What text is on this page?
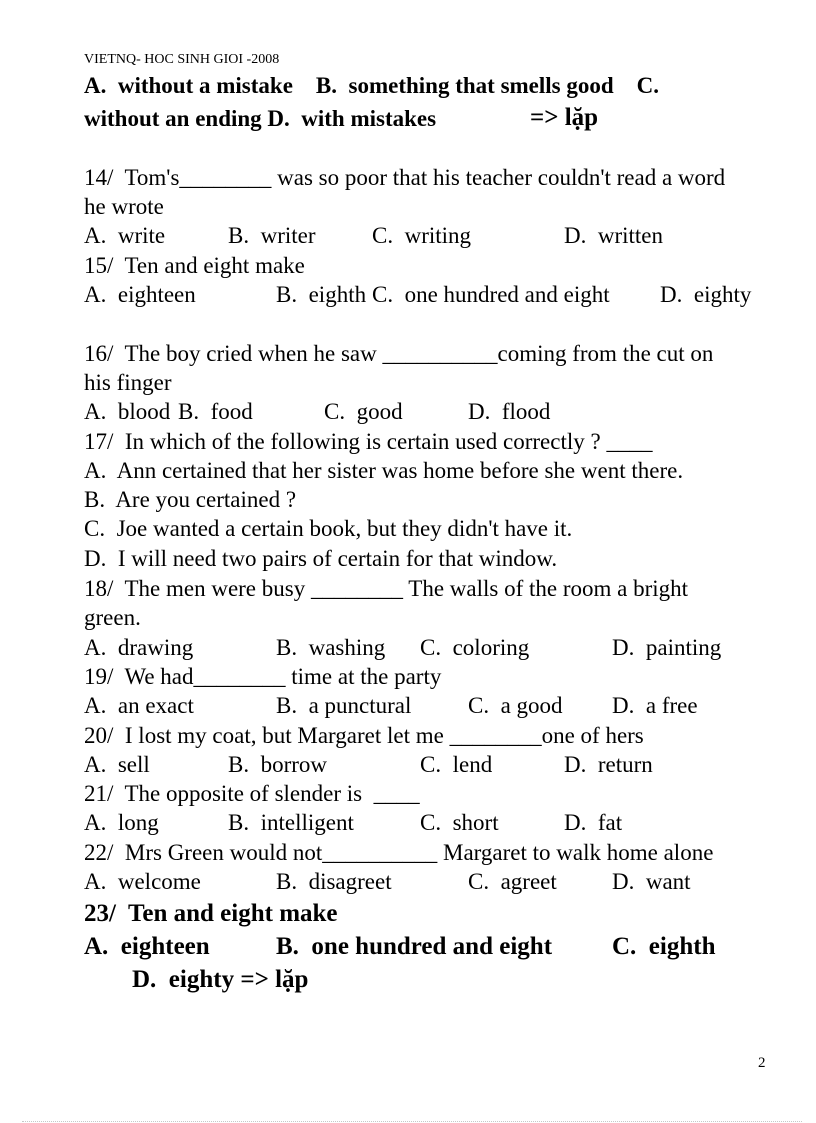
VIETNQ- HOC SINH GIOI -2008
A.  without a mistake    B.  something that smells good    C.
without an ending D.  with mistakes	=> lặp
14/  Tom's________ was so poor that his teacher couldn't read a word
he wrote
A.  write	B.  writer C.  writing	D.  written
15/  Ten and eight make
A.  eighteen	B.  eighth C.  one hundred and eight D.  eighty
16/  The boy cried when he saw __________coming from the cut on
his finger
A.  blood B.  food	C.  good	D.  flood
17/  In which of the following is certain used correctly ? ____
A.  Ann certained that her sister was home before she went there.
B.  Are you certained ?
C.  Joe wanted a certain book, but they didn't have it.
D.  I will need two pairs of certain for that window.
18/  The men were busy ________ The walls of the room a bright
green.
A.  drawing	B.  washing C.  coloring	D.  painting
19/  We had________ time at the party
A.  an exact	B.  a punctural C.  a good D.  a free
20/  I lost my coat, but Margaret let me ________one of hers
A.  sell	B.  borrow	C.  lend	D.  return
21/  The opposite of slender is  ____
A.  long	B.  intelligent	C.  short	D.  fat
22/  Mrs Green would not__________ Margaret to walk home alone
A.  welcome	B.  disagreet	C.  agreet D.  want
23/  Ten and eight make
A.  eighteen	B.  one hundred and eight C.  eighth
D.  eighty => lặp
2
